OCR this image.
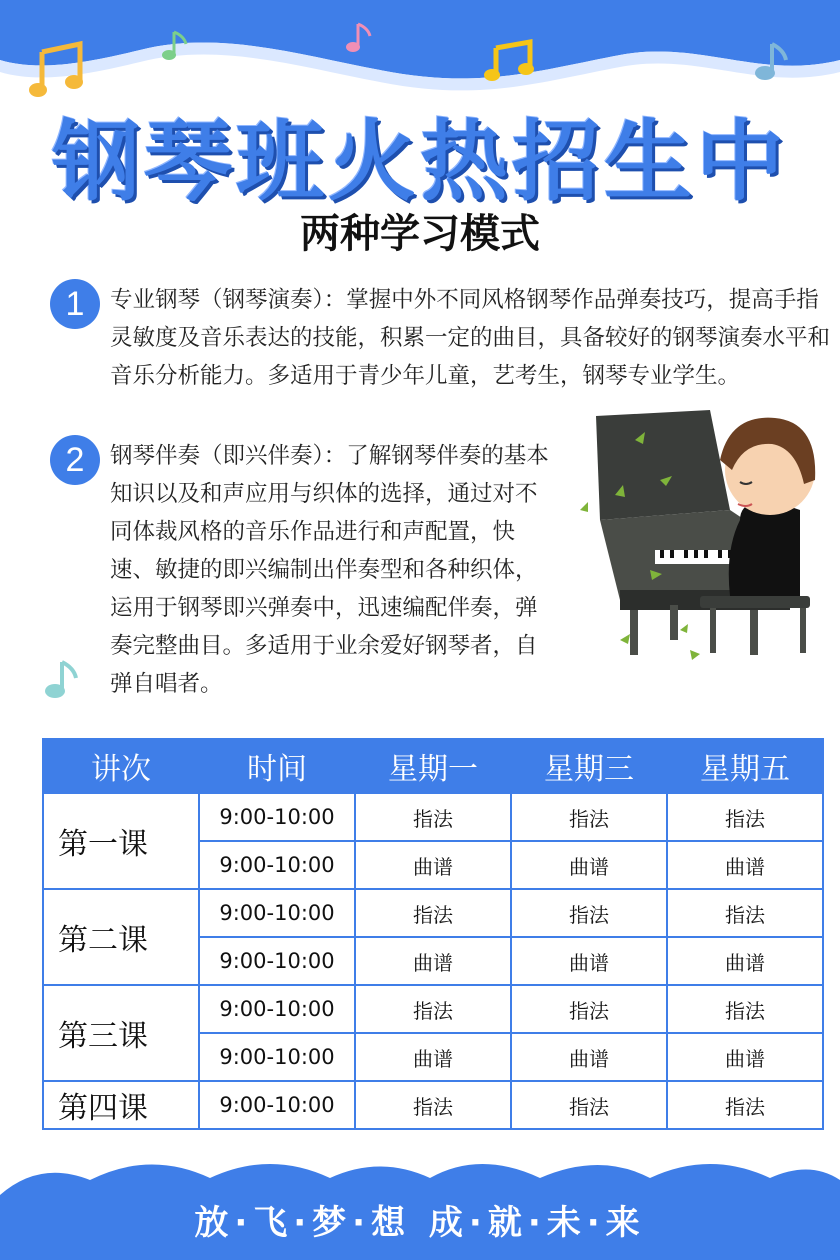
钢琴班火热招生中
两种学习模式
1	专业钢琴（钢琴演奏）：掌握中外不同风格钢琴作品弹奏技巧，提高手指灵敏度及音乐表达的技能，积累一定的曲目，具备较好的钢琴演奏水平和音乐分析能力。多适用于青少年儿童，艺考生，钢琴专业学生。
2	钢琴伴奏（即兴伴奏）：了解钢琴伴奏的基本知识以及和声应用与织体的选择，通过对不同体裁风格的音乐作品进行和声配置，快速、敏捷的即兴编制出伴奏型和各种织体，运用于钢琴即兴弹奏中，迅速编配伴奏，弹奏完整曲目。多适用于业余爱好钢琴者，自弹自唱者。
讲次	时间	星期一	星期三	星期五
第一课	9:00-10:00	指法	指法	指法
	9:00-10:00	曲谱	曲谱	曲谱
第二课	9:00-10:00	指法	指法	指法
	9:00-10:00	曲谱	曲谱	曲谱
第三课	9:00-10:00	指法	指法	指法
	9:00-10:00	曲谱	曲谱	曲谱
第四课	9:00-10:00	指法	指法	指法
放·飞·梦·想 成·就·未·来
